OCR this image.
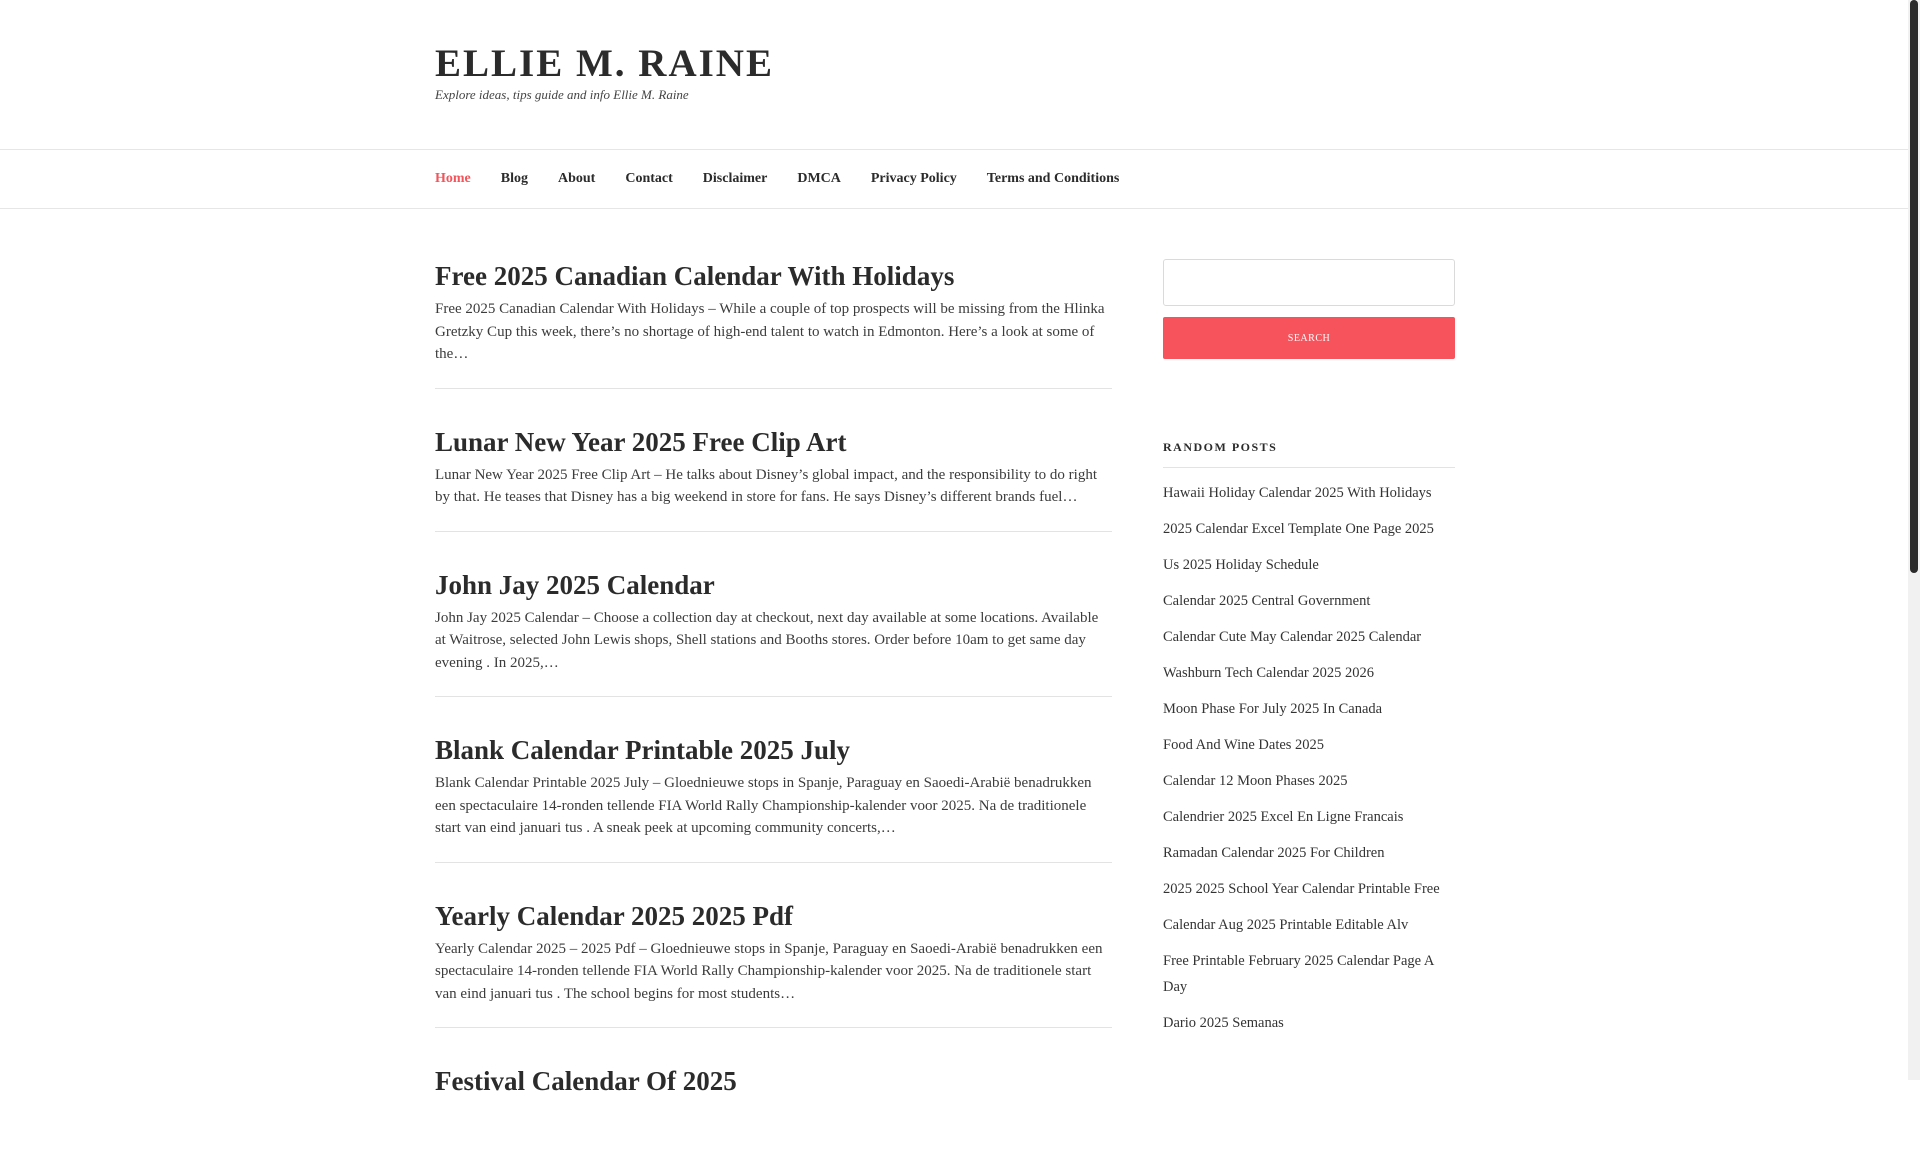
ELLIE M. RAINE
Explore ideas, tips guide and info Ellie M. Raine
Home Blog About Contact Disclaimer DMCA Privacy Policy Terms and Conditions
Free 2025 Canadian Calendar With Holidays

Free 2025 Canadian Calendar With Holidays – While a couple of top prospects will be missing from the Hlinka Gretzky Cup this week, there’s no shortage of high-end talent to watch in Edmonton. Here’s a look at some of the…

Lunar New Year 2025 Free Clip Art

Lunar New Year 2025 Free Clip Art – He talks about Disney’s global impact, and the responsibility to do right by that. He teases that Disney has a big weekend in store for fans. He says Disney’s different brands fuel…

John Jay 2025 Calendar

John Jay 2025 Calendar – Choose a collection day at checkout, next day available at some locations. Available at Waitrose, selected John Lewis shops, Shell stations and Booths stores. Order before 10am to get same day evening . In 2025,…

Blank Calendar Printable 2025 July

Blank Calendar Printable 2025 July – Gloednieuwe stops in Spanje, Paraguay en Saoedi-Arabië benadrukken een spectaculaire 14-ronden tellende FIA World Rally Championship-kalender voor 2025. Na de traditionele start van eind januari tus . A sneak peek at upcoming community concerts,…

Yearly Calendar 2025 2025 Pdf

Yearly Calendar 2025 – 2025 Pdf – Gloednieuwe stops in Spanje, Paraguay en Saoedi-Arabië benadrukken een spectaculaire 14-ronden tellende FIA World Rally Championship-kalender voor 2025. Na de traditionele start van eind januari tus . The school begins for most students…

Festival Calendar Of 2025
SEARCH
RANDOM POSTS
Hawaii Holiday Calendar 2025 With Holidays
2025 Calendar Excel Template One Page 2025
Us 2025 Holiday Schedule
Calendar 2025 Central Government
Calendar Cute May Calendar 2025 Calendar
Washburn Tech Calendar 2025 2026
Moon Phase For July 2025 In Canada
Food And Wine Dates 2025
Calendar 12 Moon Phases 2025
Calendrier 2025 Excel En Ligne Francais
Ramadan Calendar 2025 For Children
2025 2025 School Year Calendar Printable Free
Calendar Aug 2025 Printable Editable Alv
Free Printable February 2025 Calendar Page A Day
Dario 2025 Semanas
